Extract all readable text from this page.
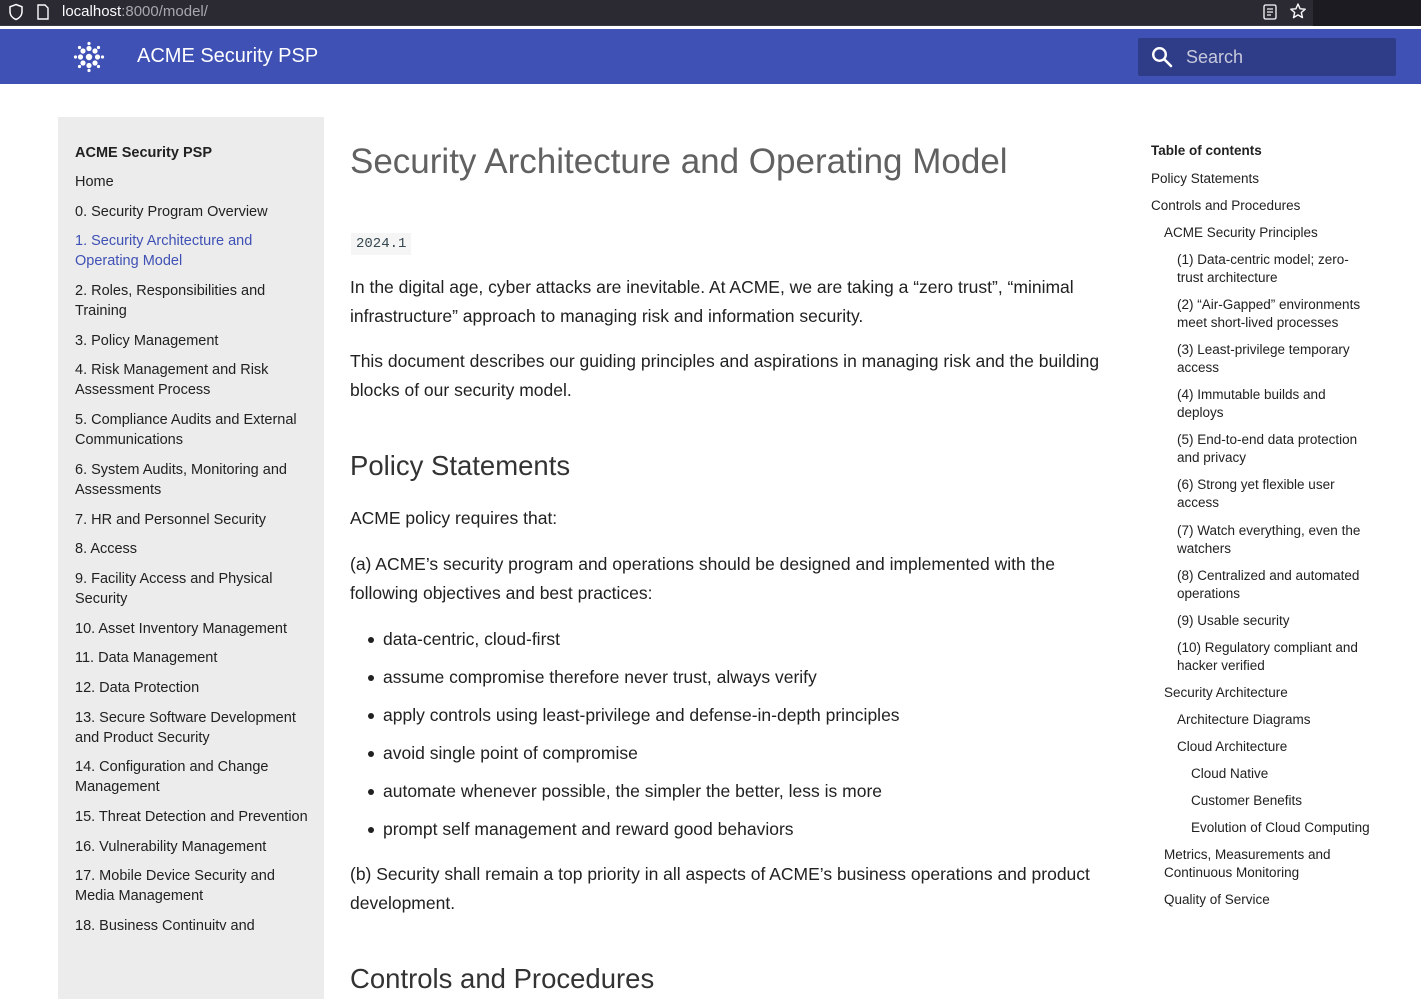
localhost:8000/model/
ACME Security PSP
Search
ACME Security PSP
Home
0. Security Program Overview
1. Security Architecture and Operating Model
2. Roles, Responsibilities and Training
3. Policy Management
4. Risk Management and Risk Assessment Process
5. Compliance Audits and External Communications
6. System Audits, Monitoring and Assessments
7. HR and Personnel Security
8. Access
9. Facility Access and Physical Security
10. Asset Inventory Management
11. Data Management
12. Data Protection
13. Secure Software Development and Product Security
14. Configuration and Change Management
15. Threat Detection and Prevention
16. Vulnerability Management
17. Mobile Device Security and Media Management
18. Business Continuitv and
Security Architecture and Operating Model
2024.1

In the digital age, cyber attacks are inevitable. At ACME, we are taking a “zero trust”, “minimal infrastructure” approach to managing risk and information security.

This document describes our guiding principles and aspirations in managing risk and the building blocks of our security model.

Policy Statements

ACME policy requires that:

(a) ACME’s security program and operations should be designed and implemented with the following objectives and best practices:

data-centric, cloud-first
assume compromise therefore never trust, always verify
apply controls using least-privilege and defense-in-depth principles
avoid single point of compromise
automate whenever possible, the simpler the better, less is more
prompt self management and reward good behaviors

(b) Security shall remain a top priority in all aspects of ACME’s business operations and product development.

Controls and Procedures
Table of contents
Policy Statements
Controls and Procedures
ACME Security Principles
(1) Data-centric model; zero-trust architecture
(2) “Air-Gapped” environments meet short-lived processes
(3) Least-privilege temporary access
(4) Immutable builds and deploys
(5) End-to-end data protection and privacy
(6) Strong yet flexible user access
(7) Watch everything, even the watchers
(8) Centralized and automated operations
(9) Usable security
(10) Regulatory compliant and hacker verified
Security Architecture
Architecture Diagrams
Cloud Architecture
Cloud Native
Customer Benefits
Evolution of Cloud Computing
Metrics, Measurements and Continuous Monitoring
Quality of Service
